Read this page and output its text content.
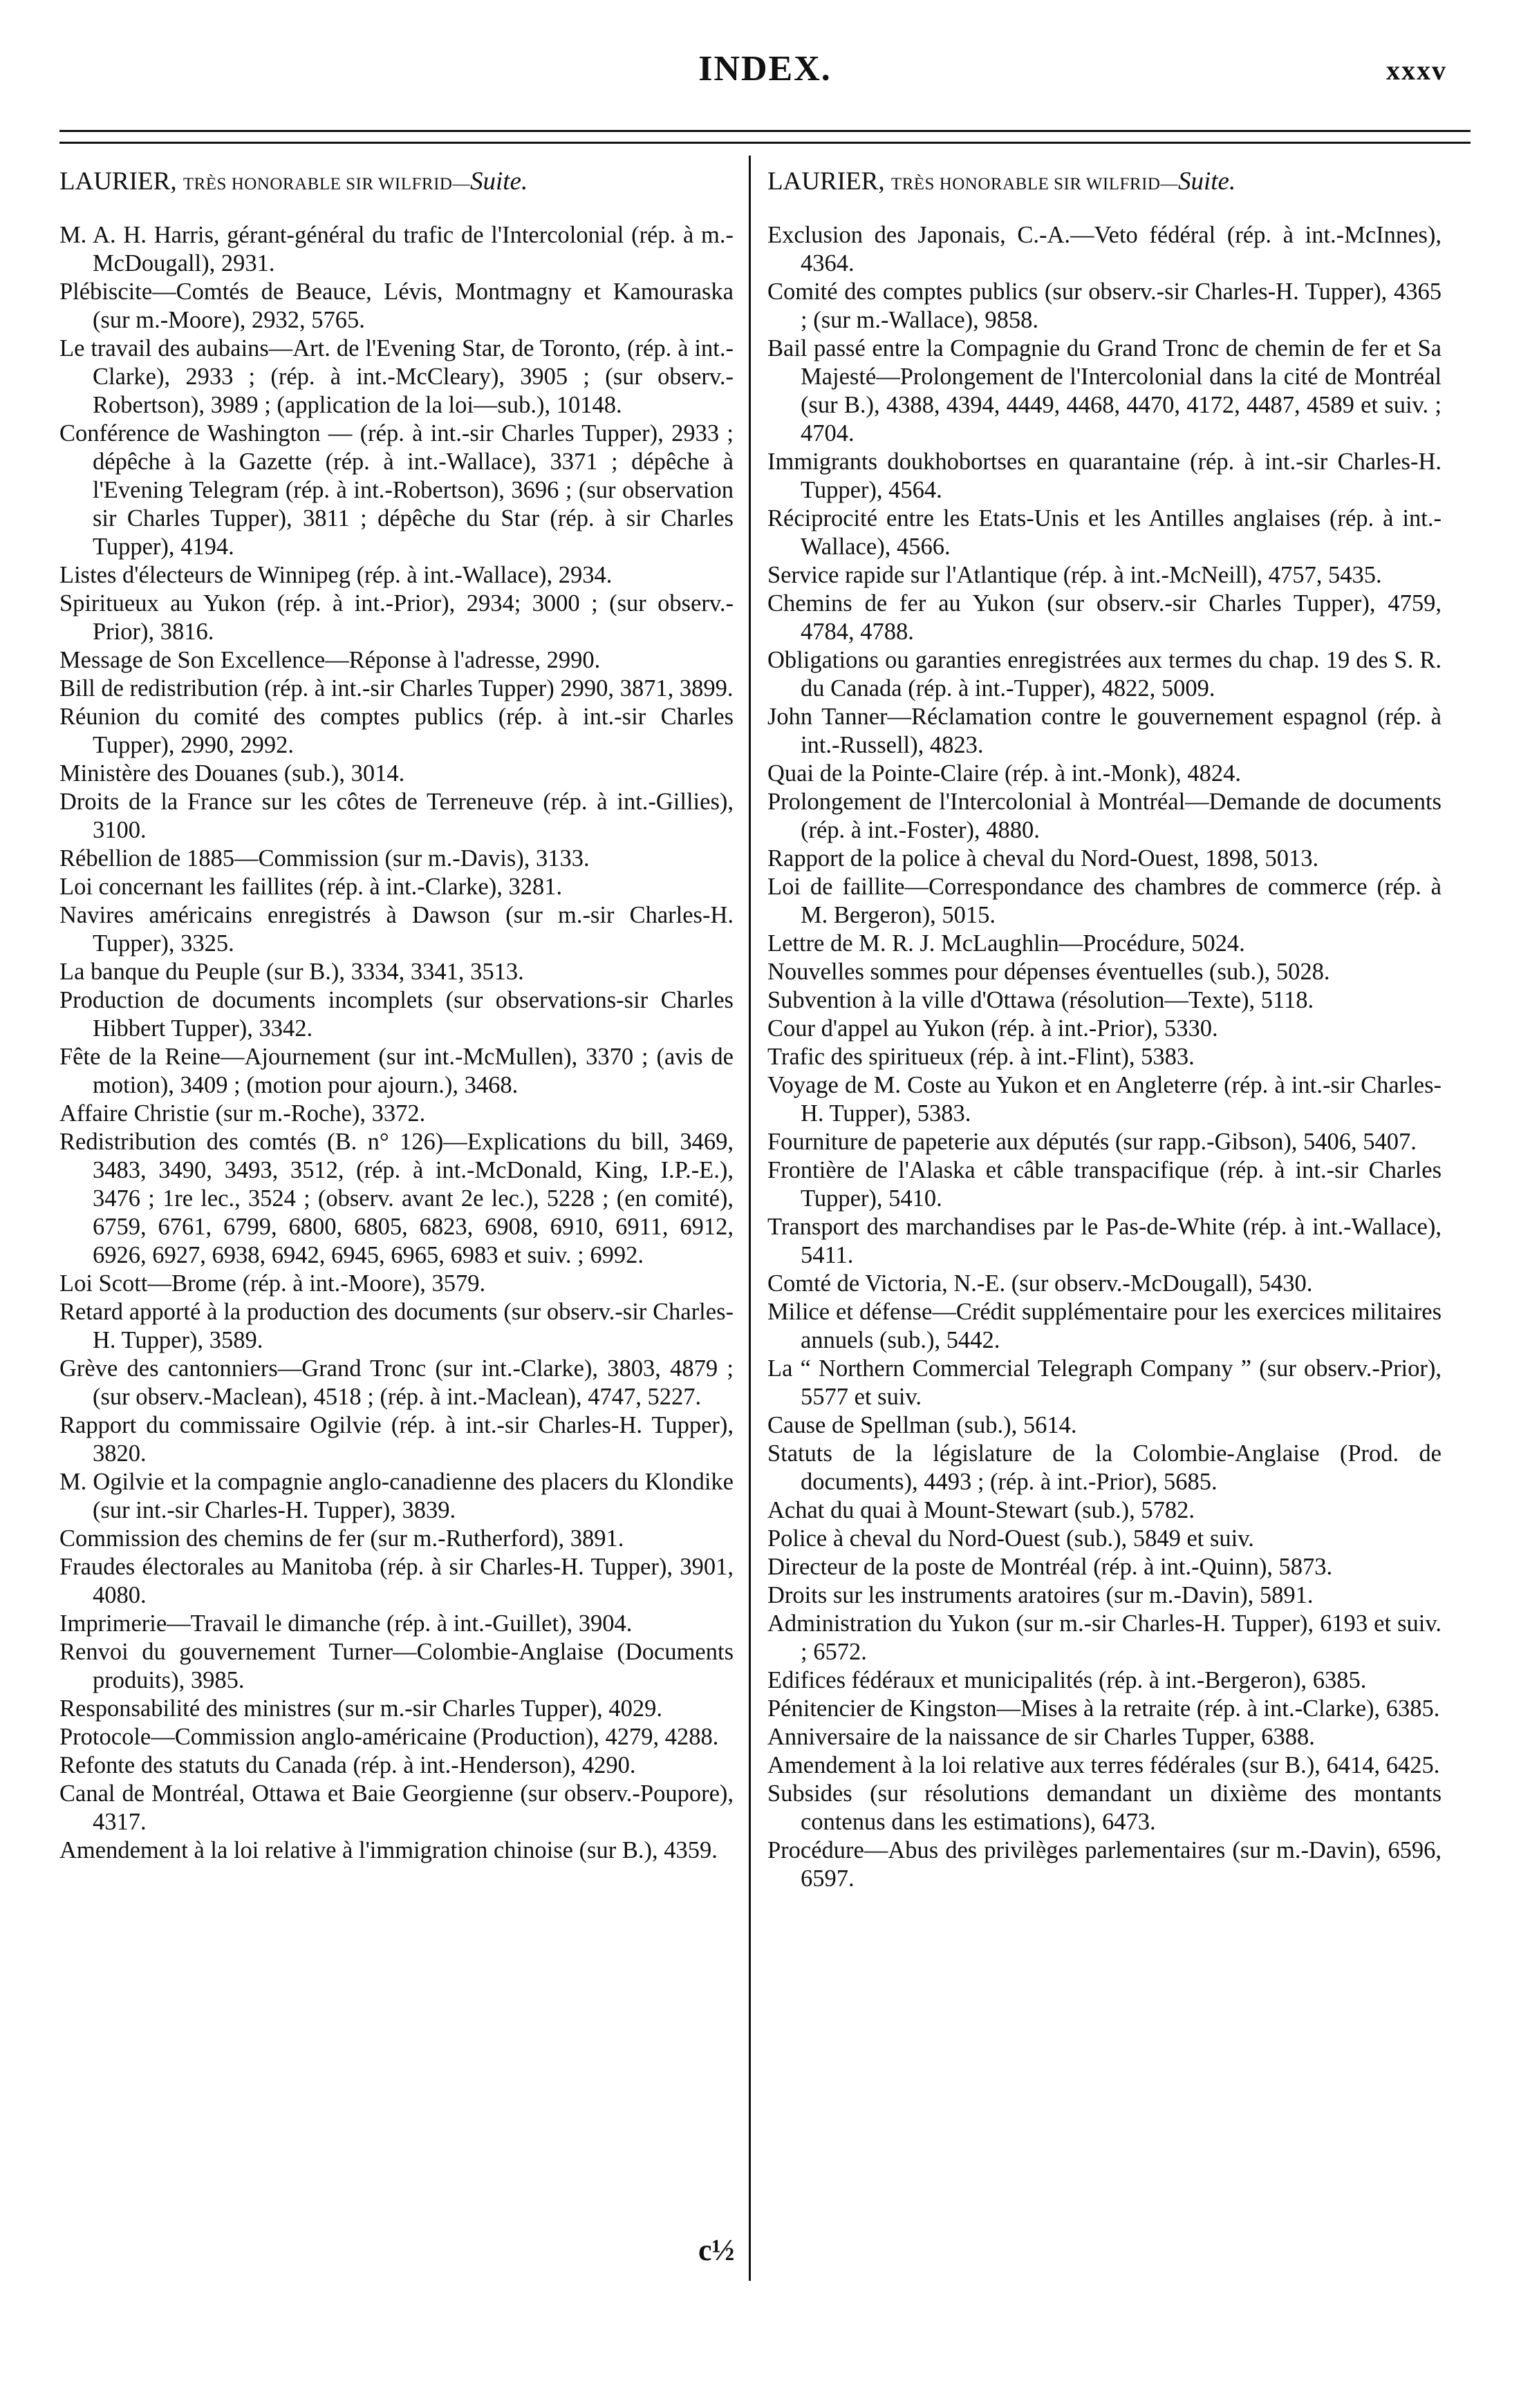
INDEX.	xxxv
LAURIER, TRÈS HONORABLE SIR WILFRID—Suite.
M. A. H. Harris, gérant-général du trafic de l'Intercolonial (rép. à m.-McDougall), 2931.
Plébiscite—Comtés de Beauce, Lévis, Montmagny et Kamouraska (sur m.-Moore), 2932, 5765.
Le travail des aubains—Art. de l'Evening Star, de Toronto, (rép. à int.-Clarke), 2933 ; (rép. à int.-McCleary), 3905 ; (sur observ.-Robertson), 3989 ; (application de la loi—sub.), 10148.
Conférence de Washington — (rép. à int.-sir Charles Tupper), 2933 ; dépêche à la Gazette (rép. à int.-Wallace), 3371 ; dépêche à l'Evening Telegram (rép. à int.-Robertson), 3696 ; (sur observation sir Charles Tupper), 3811 ; dépêche du Star (rép. à sir Charles Tupper), 4194.
Listes d'électeurs de Winnipeg (rép. à int.-Wallace), 2934.
Spiritueux au Yukon (rép. à int.-Prior), 2934; 3000 ; (sur observ.-Prior), 3816.
Message de Son Excellence—Réponse à l'adresse, 2990.
Bill de redistribution (rép. à int.-sir Charles Tupper) 2990, 3871, 3899.
Réunion du comité des comptes publics (rép. à int.-sir Charles Tupper), 2990, 2992.
Ministère des Douanes (sub.), 3014.
Droits de la France sur les côtes de Terreneuve (rép. à int.-Gillies), 3100.
Rébellion de 1885—Commission (sur m.-Davis), 3133.
Loi concernant les faillites (rép. à int.-Clarke), 3281.
Navires américains enregistrés à Dawson (sur m.-sir Charles-H. Tupper), 3325.
La banque du Peuple (sur B.), 3334, 3341, 3513.
Production de documents incomplets (sur observations-sir Charles Hibbert Tupper), 3342.
Fête de la Reine—Ajournement (sur int.-McMullen), 3370 ; (avis de motion), 3409 ; (motion pour ajourn.), 3468.
Affaire Christie (sur m.-Roche), 3372.
Redistribution des comtés (B. n° 126)—Explications du bill, 3469, 3483, 3490, 3493, 3512, (rép. à int.-McDonald, King, I.P.-E.), 3476 ; 1re lec., 3524 ; (observ. avant 2e lec.), 5228 ; (en comité), 6759, 6761, 6799, 6800, 6805, 6823, 6908, 6910, 6911, 6912, 6926, 6927, 6938, 6942, 6945, 6965, 6983 et suiv. ; 6992.
Loi Scott—Brome (rép. à int.-Moore), 3579.
Retard apporté à la production des documents (sur observ.-sir Charles-H. Tupper), 3589.
Grève des cantonniers—Grand Tronc (sur int.-Clarke), 3803, 4879 ; (sur observ.-Maclean), 4518 ; (rép. à int.-Maclean), 4747, 5227.
Rapport du commissaire Ogilvie (rép. à int.-sir Charles-H. Tupper), 3820.
M. Ogilvie et la compagnie anglo-canadienne des placers du Klondike (sur int.-sir Charles-H. Tupper), 3839.
Commission des chemins de fer (sur m.-Rutherford), 3891.
Fraudes électorales au Manitoba (rép. à sir Charles-H. Tupper), 3901, 4080.
Imprimerie—Travail le dimanche (rép. à int.-Guillet), 3904.
Renvoi du gouvernement Turner—Colombie-Anglaise (Documents produits), 3985.
Responsabilité des ministres (sur m.-sir Charles Tupper), 4029.
Protocole—Commission anglo-américaine (Production), 4279, 4288.
Refonte des statuts du Canada (rép. à int.-Henderson), 4290.
Canal de Montréal, Ottawa et Baie Georgienne (sur observ.-Poupore), 4317.
Amendement à la loi relative à l'immigration chinoise (sur B.), 4359.
LAURIER, TRÈS HONORABLE SIR WILFRID—Suite.
Exclusion des Japonais, C.-A.—Veto fédéral (rép. à int.-McInnes), 4364.
Comité des comptes publics (sur observ.-sir Charles-H. Tupper), 4365 ; (sur m.-Wallace), 9858.
Bail passé entre la Compagnie du Grand Tronc de chemin de fer et Sa Majesté—Prolongement de l'Intercolonial dans la cité de Montréal (sur B.), 4388, 4394, 4449, 4468, 4470, 4172, 4487, 4589 et suiv. ; 4704.
Immigrants doukhobortses en quarantaine (rép. à int.-sir Charles-H. Tupper), 4564.
Réciprocité entre les Etats-Unis et les Antilles anglaises (rép. à int.-Wallace), 4566.
Service rapide sur l'Atlantique (rép. à int.-McNeill), 4757, 5435.
Chemins de fer au Yukon (sur observ.-sir Charles Tupper), 4759, 4784, 4788.
Obligations ou garanties enregistrées aux termes du chap. 19 des S. R. du Canada (rép. à int.-Tupper), 4822, 5009.
John Tanner—Réclamation contre le gouvernement espagnol (rép. à int.-Russell), 4823.
Quai de la Pointe-Claire (rép. à int.-Monk), 4824.
Prolongement de l'Intercolonial à Montréal—Demande de documents (rép. à int.-Foster), 4880.
Rapport de la police à cheval du Nord-Ouest, 1898, 5013.
Loi de faillite—Correspondance des chambres de commerce (rép. à M. Bergeron), 5015.
Lettre de M. R. J. McLaughlin—Procédure, 5024.
Nouvelles sommes pour dépenses éventuelles (sub.), 5028.
Subvention à la ville d'Ottawa (résolution—Texte), 5118.
Cour d'appel au Yukon (rép. à int.-Prior), 5330.
Trafic des spiritueux (rép. à int.-Flint), 5383.
Voyage de M. Coste au Yukon et en Angleterre (rép. à int.-sir Charles-H. Tupper), 5383.
Fourniture de papeterie aux députés (sur rapp.-Gibson), 5406, 5407.
Frontière de l'Alaska et câble transpacifique (rép. à int.-sir Charles Tupper), 5410.
Transport des marchandises par le Pas-de-White (rép. à int.-Wallace), 5411.
Comté de Victoria, N.-E. (sur observ.-McDougall), 5430.
Milice et défense—Crédit supplémentaire pour les exercices militaires annuels (sub.), 5442.
La “ Northern Commercial Telegraph Company ” (sur observ.-Prior), 5577 et suiv.
Cause de Spellman (sub.), 5614.
Statuts de la législature de la Colombie-Anglaise (Prod. de documents), 4493 ; (rép. à int.-Prior), 5685.
Achat du quai à Mount-Stewart (sub.), 5782.
Police à cheval du Nord-Ouest (sub.), 5849 et suiv.
Directeur de la poste de Montréal (rép. à int.-Quinn), 5873.
Droits sur les instruments aratoires (sur m.-Davin), 5891.
Administration du Yukon (sur m.-sir Charles-H. Tupper), 6193 et suiv. ; 6572.
Edifices fédéraux et municipalités (rép. à int.-Bergeron), 6385.
Pénitencier de Kingston—Mises à la retraite (rép. à int.-Clarke), 6385.
Anniversaire de la naissance de sir Charles Tupper, 6388.
Amendement à la loi relative aux terres fédérales (sur B.), 6414, 6425.
Subsides (sur résolutions demandant un dixième des montants contenus dans les estimations), 6473.
Procédure—Abus des privilèges parlementaires (sur m.-Davin), 6596, 6597.
c½
